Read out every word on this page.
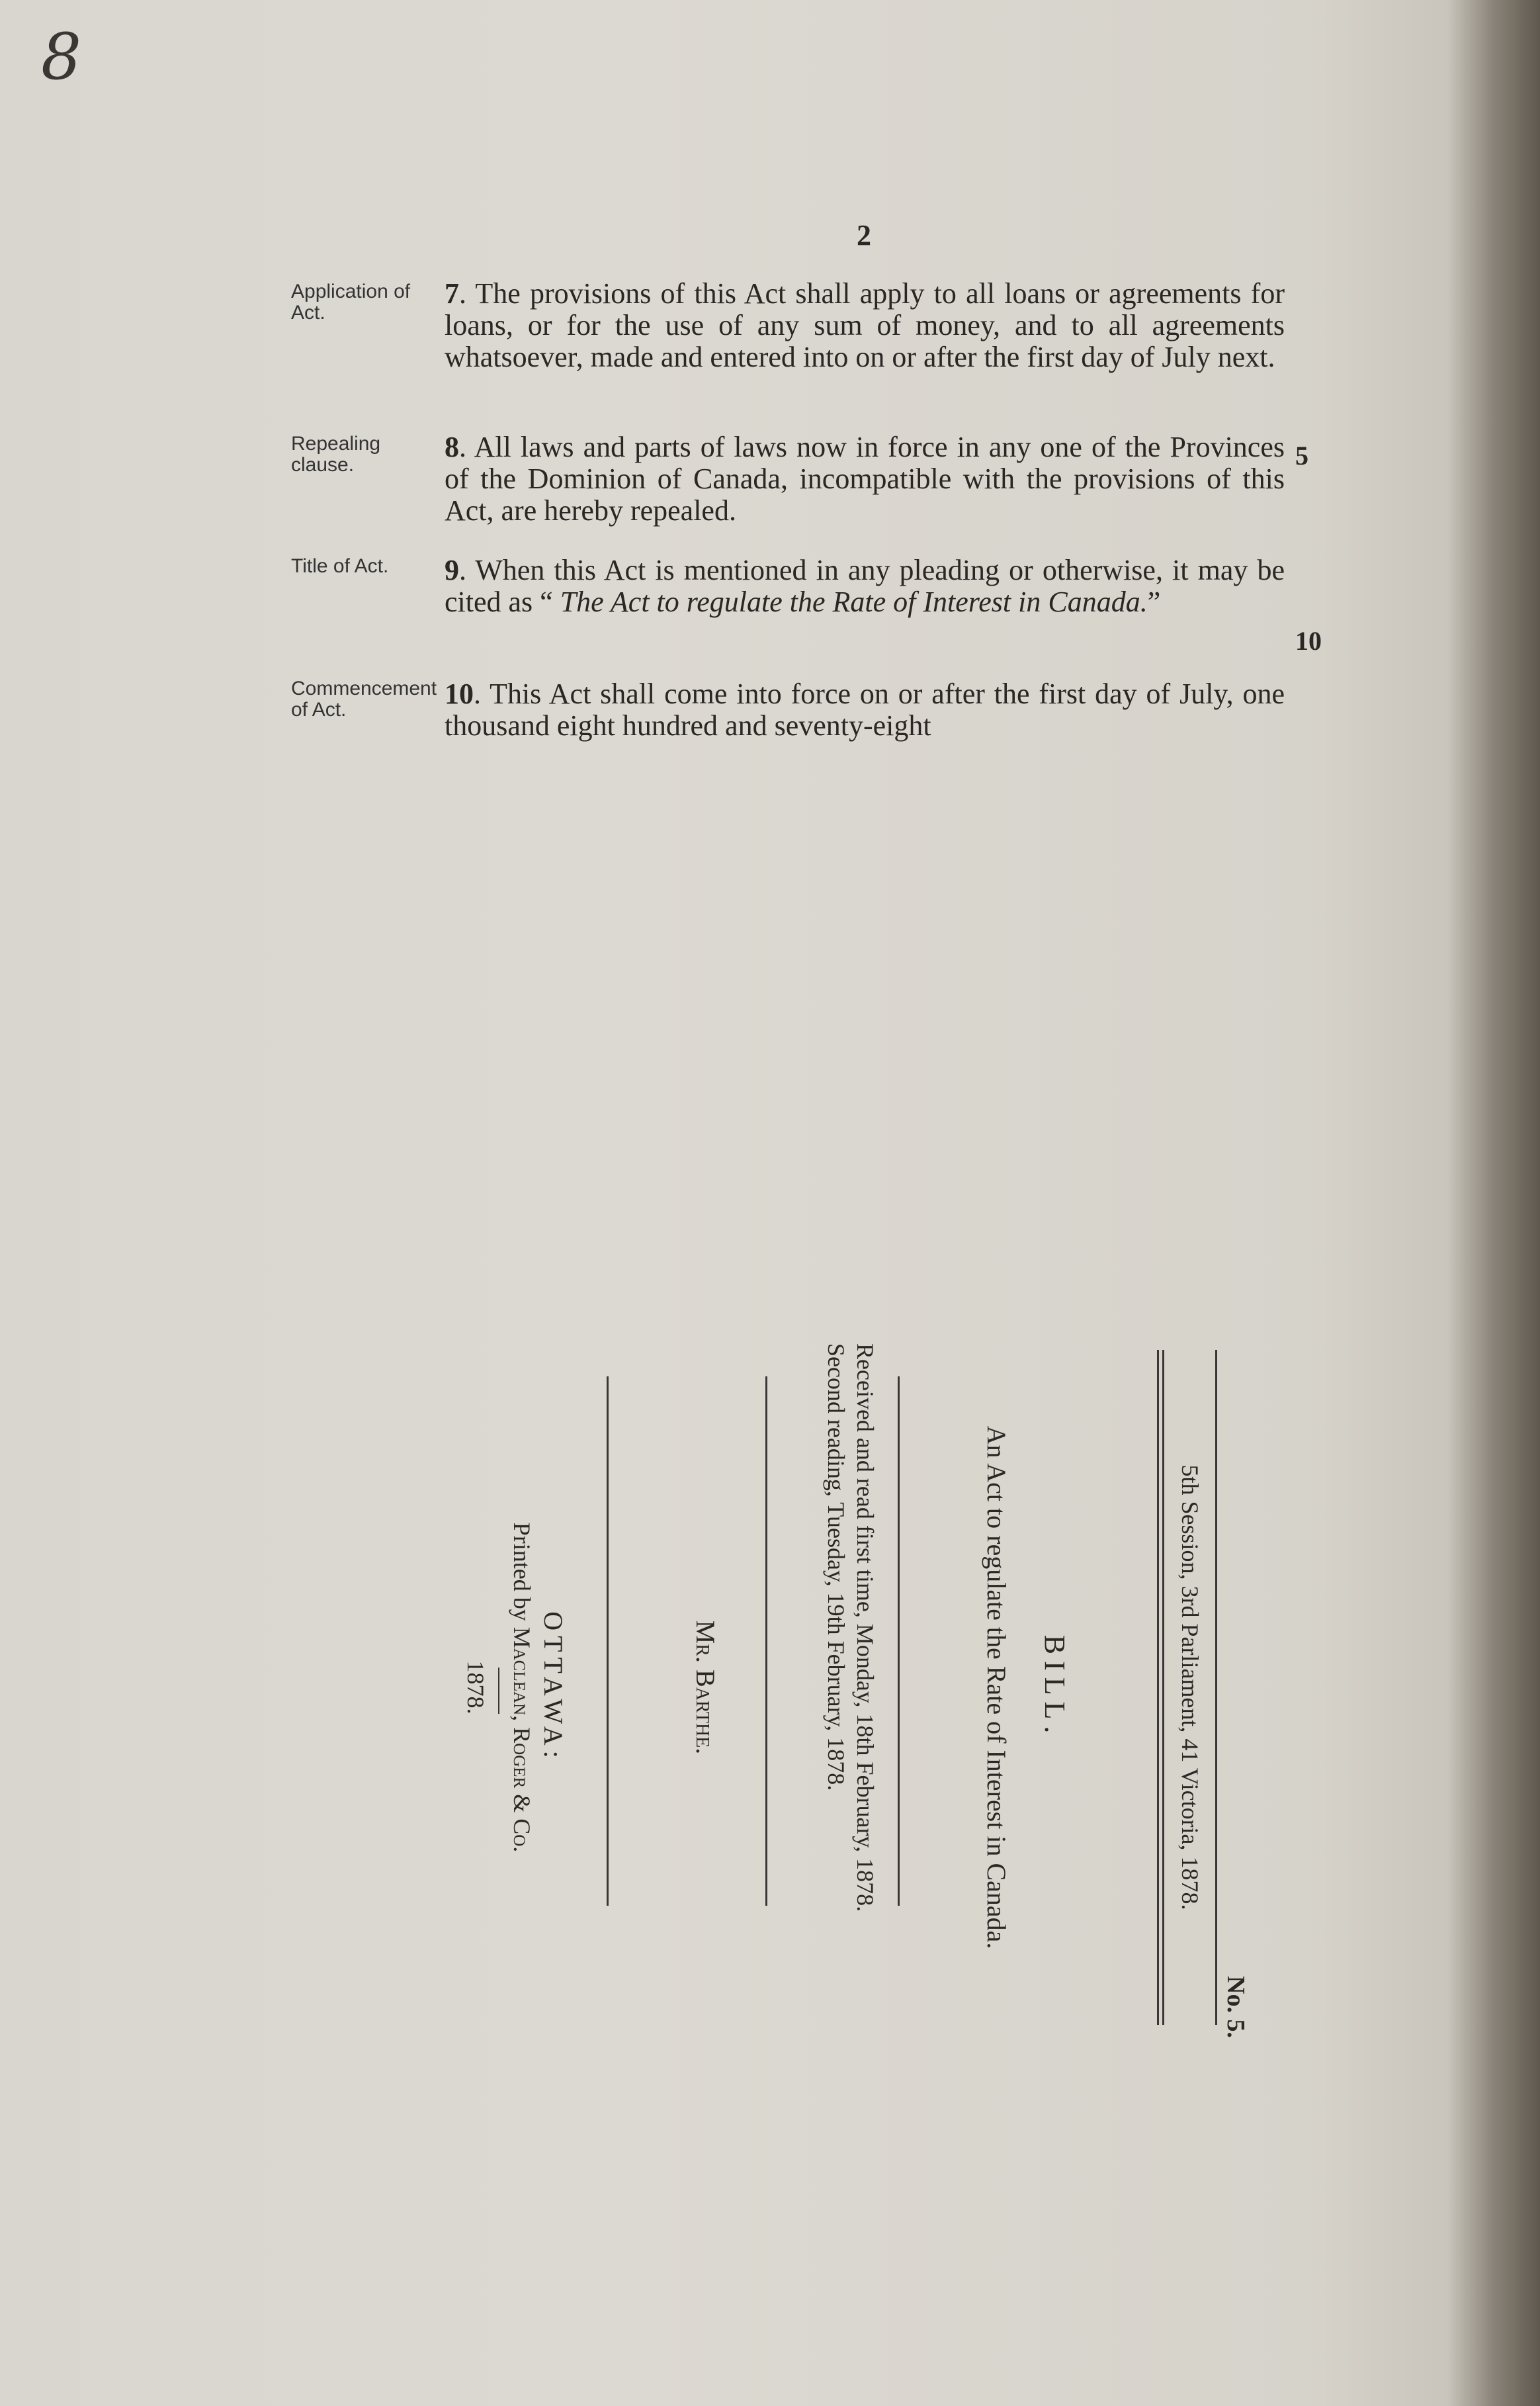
8
2
Application of Act.
7. The provisions of this Act shall apply to all loans or agreements for loans, or for the use of any sum of money, and to all agreements whatsoever, made and entered into on or after the first day of July next.
Repealing clause.
8. All laws and parts of laws now in force in any one of the Provinces of the Dominion of Canada, incompatible with the provisions of this Act, are hereby repealed.
5
Title of Act.	9. When this Act is mentioned in any pleading or otherwise, it may be cited as “ The Act to regulate the Rate of Interest in Canada.”
10
Commencement of Act.	10. This Act shall come into force on or after the first day of July, one thousand eight hundred and seventy-eight
No. 5.
5th Session, 3rd Parliament, 41 Victoria, 1878.
BILL.
An Act to regulate the Rate of Interest in Canada.
Received and read first time, Monday, 18th February, 1878.
Second reading, Tuesday, 19th February, 1878.
Mr. Barthe.
OTTAWA:
Printed by Maclean, Roger & Co.
1878.
